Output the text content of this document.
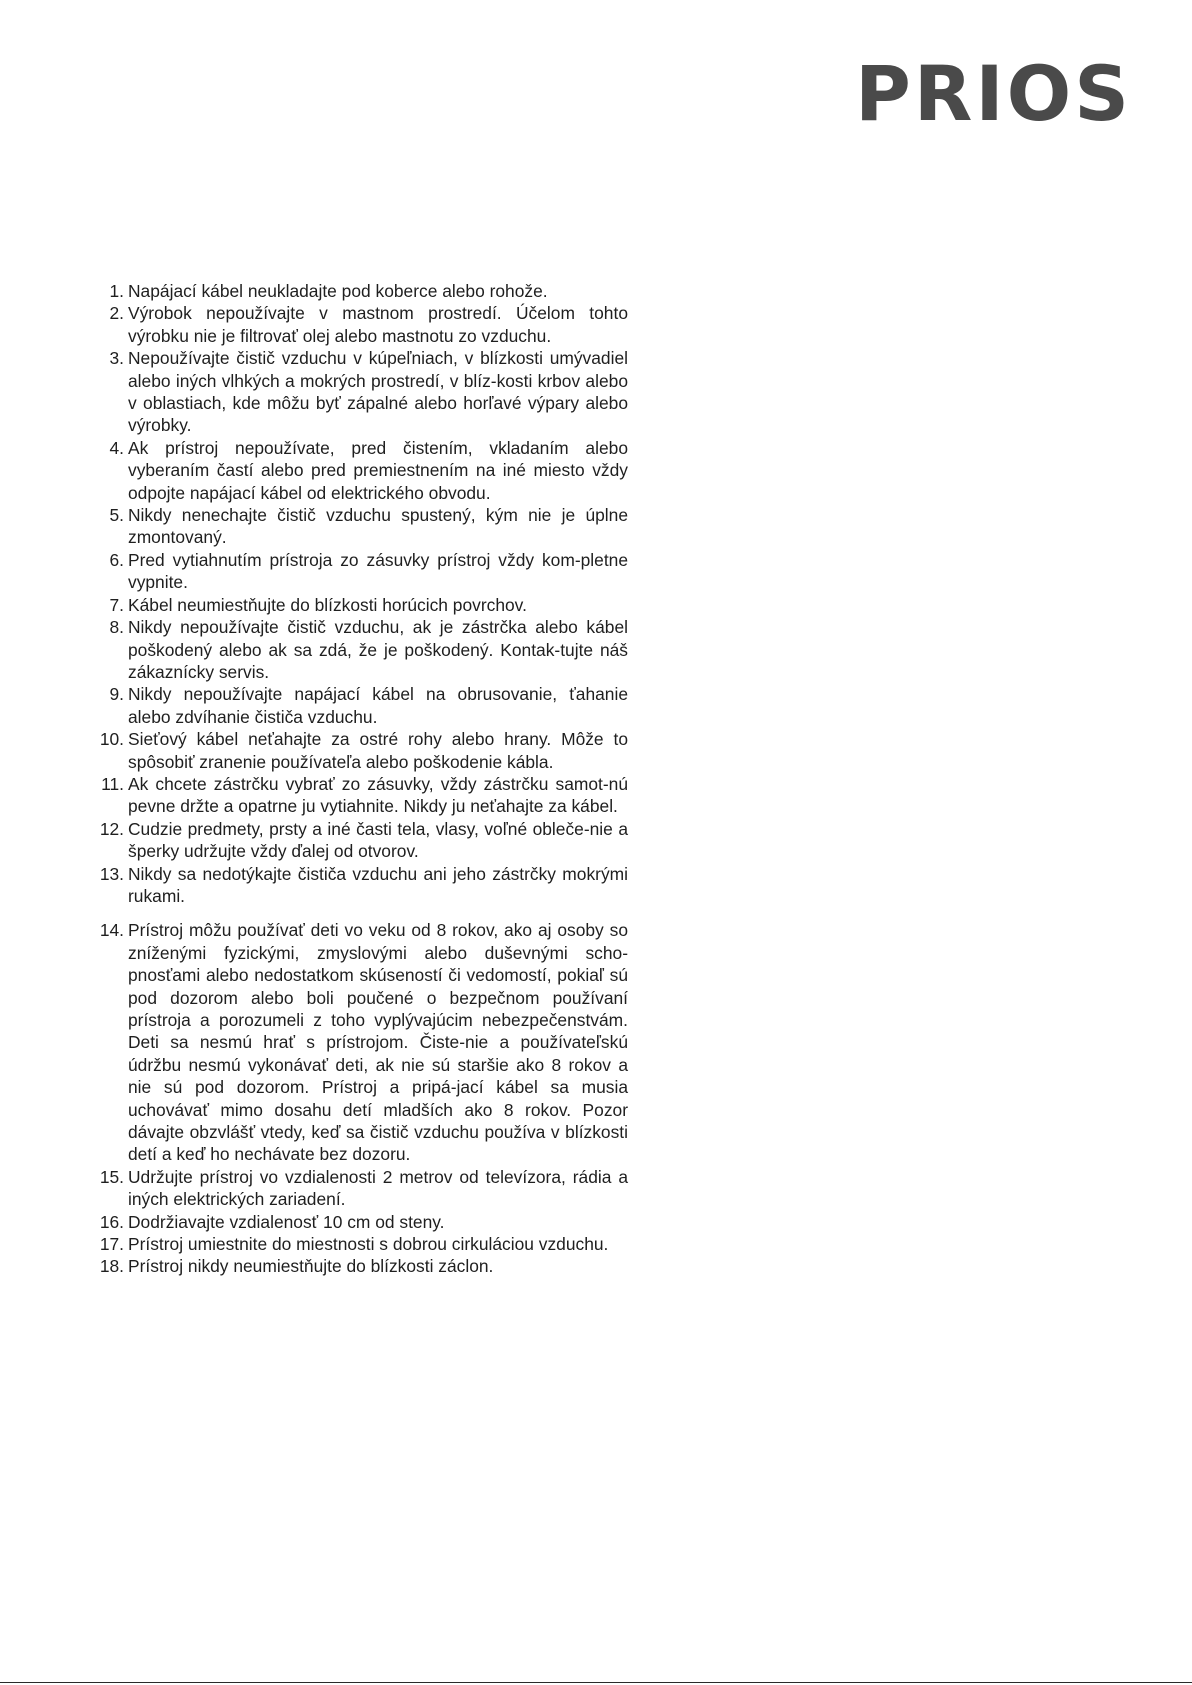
PRIOS
1. Napájací kábel neukladajte pod koberce alebo rohože.
2. Výrobok nepoužívajte v mastnom prostredí. Účelom tohto výrobku nie je filtrovať olej alebo mastnotu zo vzduchu.
3. Nepoužívajte čistič vzduchu v kúpeľniach, v blízkosti umývadiel alebo iných vlhkých a mokrých prostredí, v blíz-kosti krbov alebo v oblastiach, kde môžu byť zápalné alebo horľavé výpary alebo výrobky.
4. Ak prístroj nepoužívate, pred čistením, vkladaním alebo vyberaním častí alebo pred premiestnením na iné miesto vždy odpojte napájací kábel od elektrického obvodu.
5. Nikdy nenechajte čistič vzduchu spustený, kým nie je úplne zmontovaný.
6. Pred vytiahnutím prístroja zo zásuvky prístroj vždy kom-pletne vypnite.
7. Kábel neumiestňujte do blízkosti horúcich povrchov.
8. Nikdy nepoužívajte čistič vzduchu, ak je zástrčka alebo kábel poškodený alebo ak sa zdá, že je poškodený. Kontak-tujte náš zákaznícky servis.
9. Nikdy nepoužívajte napájací kábel na obrusovanie, ťahanie alebo zdvíhanie čističa vzduchu.
10. Sieťový kábel neťahajte za ostré rohy alebo hrany. Môže to spôsobiť zranenie používateľa alebo poškodenie kábla.
11. Ak chcete zástrčku vybrať zo zásuvky, vždy zástrčku samot-nú pevne držte a opatrne ju vytiahnite. Nikdy ju neťahajte za kábel.
12. Cudzie predmety, prsty a iné časti tela, vlasy, voľné obleče-nie a šperky udržujte vždy ďalej od otvorov.
13. Nikdy sa nedotýkajte čističa vzduchu ani jeho zástrčky mokrými rukami.
14. Prístroj môžu používať deti vo veku od 8 rokov, ako aj osoby so zníženými fyzickými, zmyslovými alebo duševnými scho-pnosťami alebo nedostatkom skúseností či vedomostí, pokiaľ sú pod dozorom alebo boli poučené o bezpečnom používaní prístroja a porozumeli z toho vyplývajúcim nebezpečenstvám. Deti sa nesmú hrať s prístrojom. Čiste-nie a používateľskú údržbu nesmú vykonávať deti, ak nie sú staršie ako 8 rokov a nie sú pod dozorom. Prístroj a pripá-jací kábel sa musia uchovávať mimo dosahu detí mladších ako 8 rokov. Pozor dávajte obzvlášť vtedy, keď sa čistič vzduchu používa v blízkosti detí a keď ho nechávate bez dozoru.
15. Udržujte prístroj vo vzdialenosti 2 metrov od televízora, rádia a iných elektrických zariadení.
16. Dodržiavajte vzdialenosť 10 cm od steny.
17. Prístroj umiestnite do miestnosti s dobrou cirkuláciou vzduchu.
18. Prístroj nikdy neumiestňujte do blízkosti záclon.
